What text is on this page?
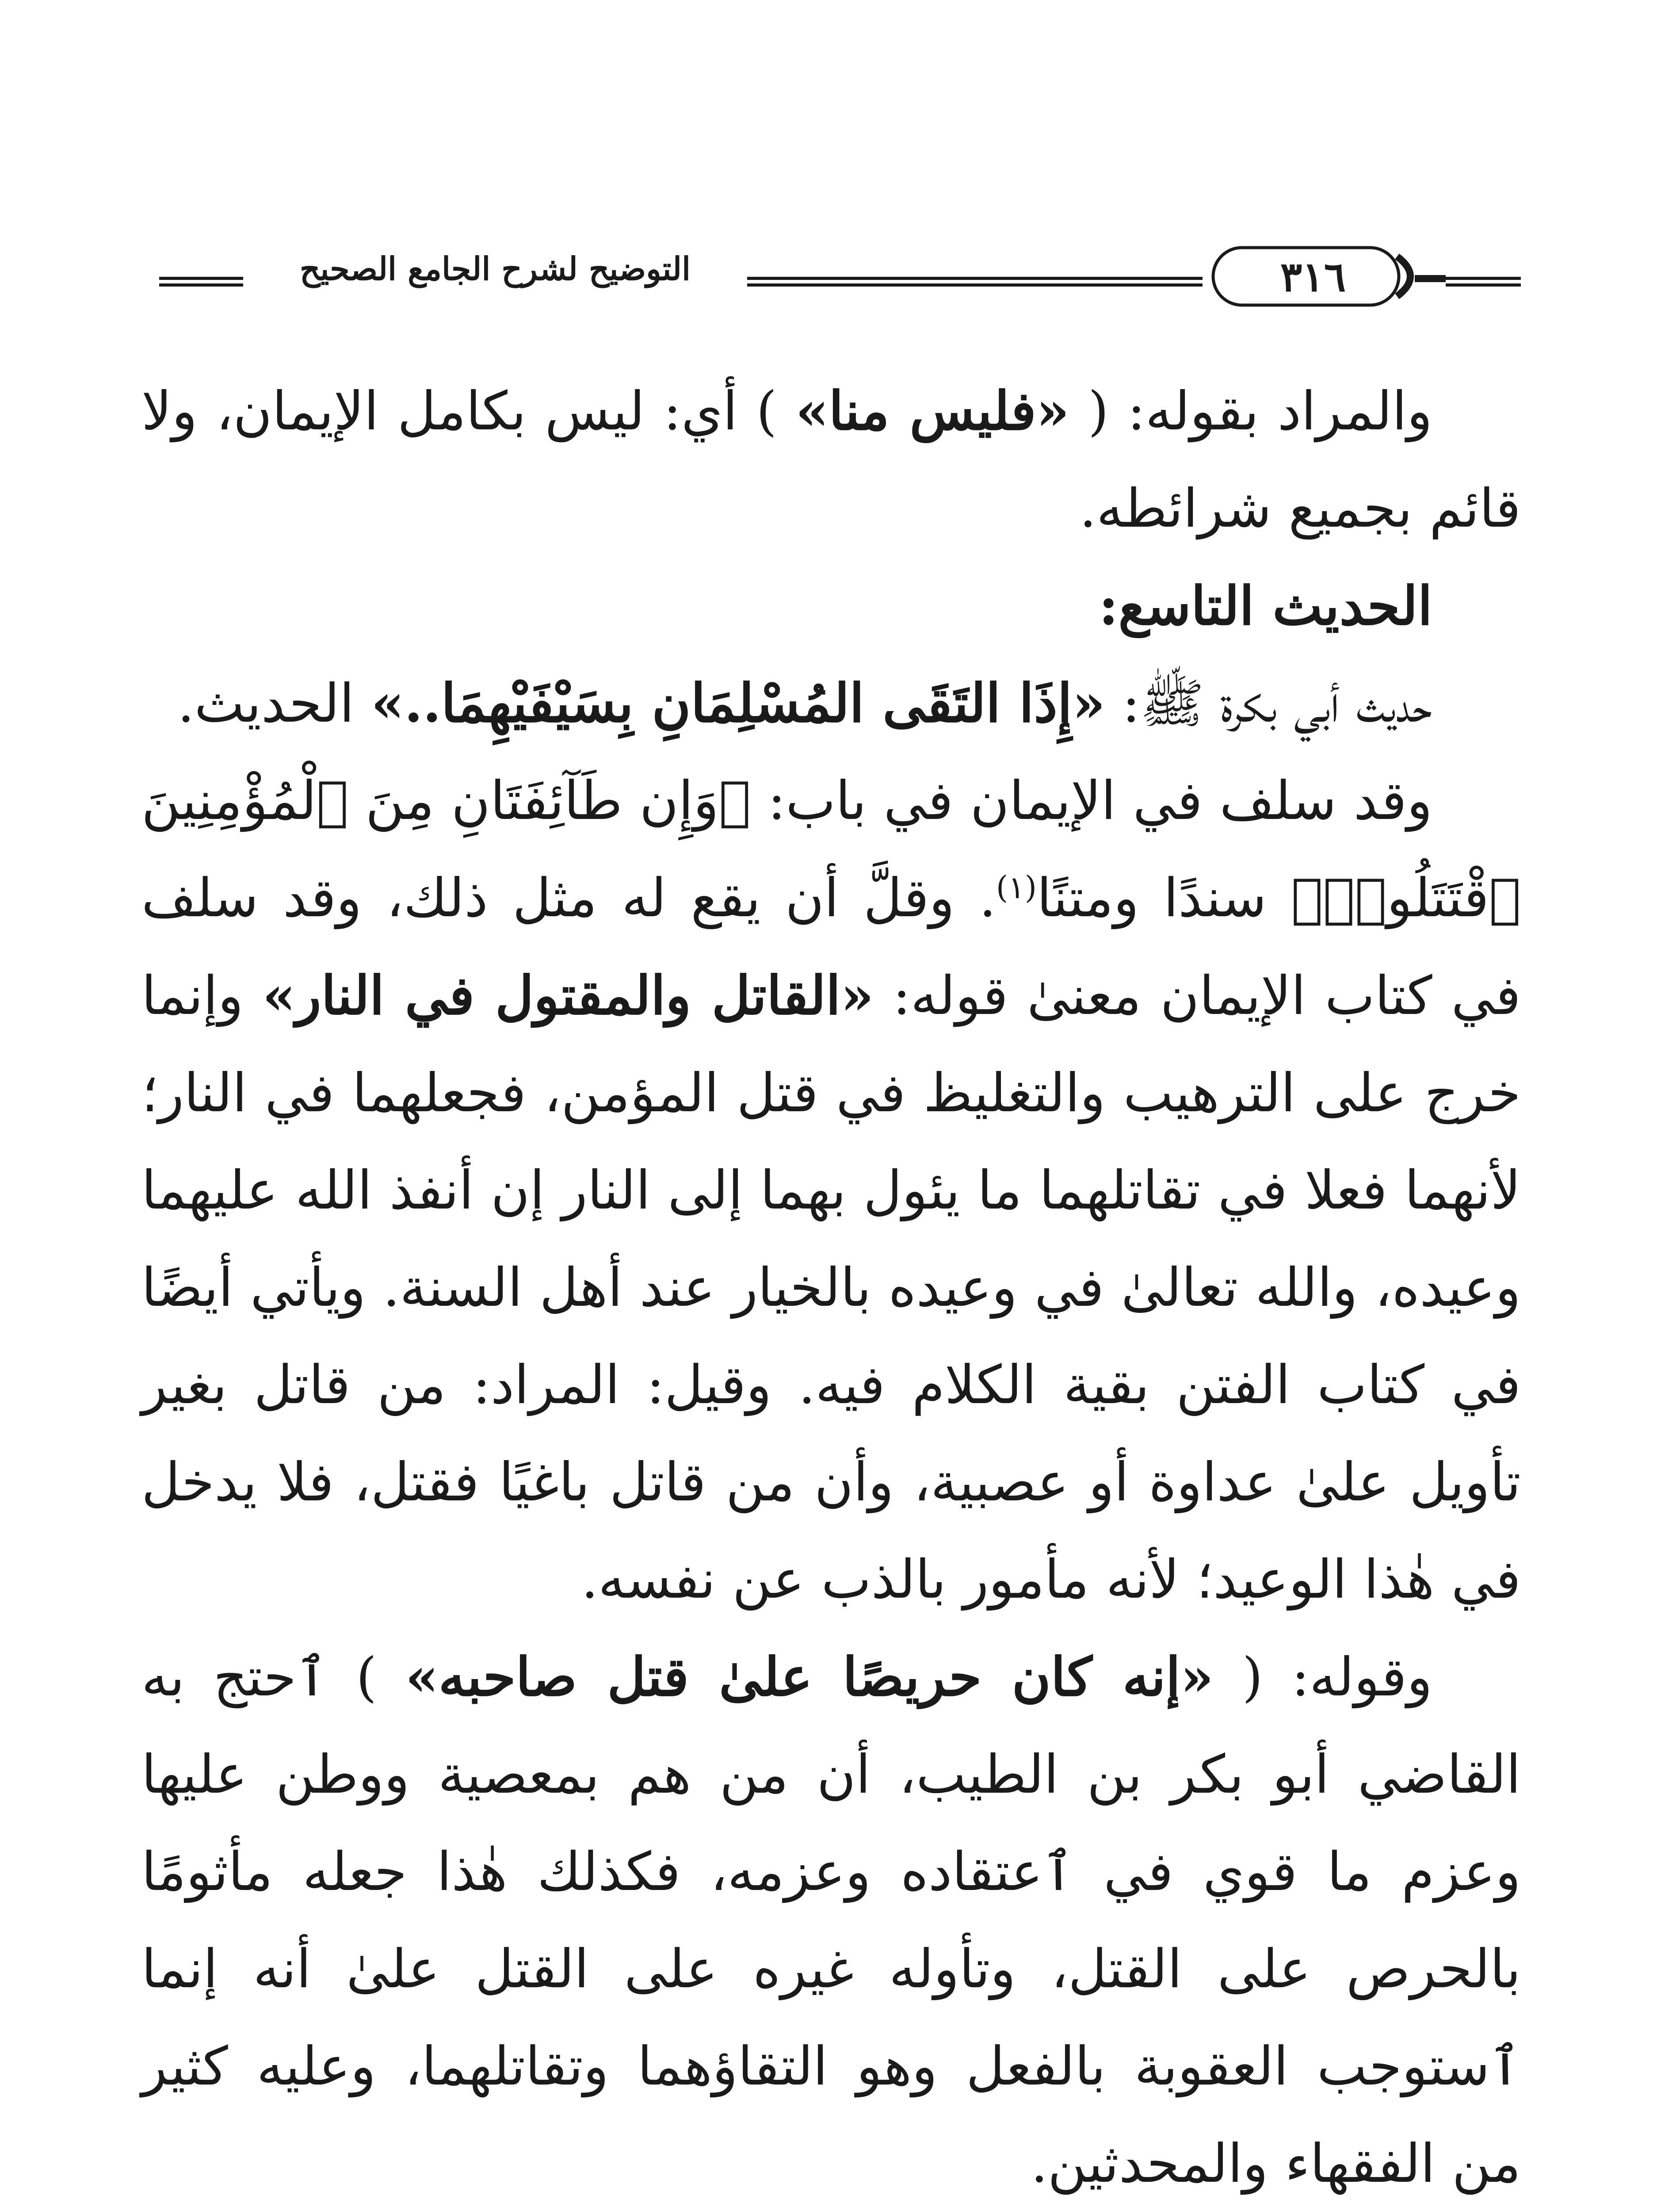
التوضيح لشرح الجامع الصحيح	٣١٦

والمراد بقوله: ( «فليس منا» ) أي: ليس بكامل الإيمان، ولا قائم بجميع شرائطه.

الحديث التاسع:

حديث أبي بكرة ﷺ: «إِذَا التَقَى المُسْلِمَانِ بِسَيْفَيْهِمَا..» الحديث.

وقد سلف في الإيمان في باب: ﴿وَإِن طَآئِفَتَانِ مِنَ ٱلْمُؤْمِنِينَ ٱقْتَتَلُوا۟﴾ سندًا ومتنًا$^{(١)}$. وقلَّ أن يقع له مثل ذلك، وقد سلف في كتاب الإيمان معنىٰ قوله: «القاتل والمقتول في النار» وإنما خرج على الترهيب والتغليظ في قتل المؤمن، فجعلهما في النار؛ لأنهما فعلا في تقاتلهما ما يئول بهما إلى النار إن أنفذ الله عليهما وعيده، والله تعالىٰ في وعيده بالخيار عند أهل السنة. ويأتي أيضًا في كتاب الفتن بقية الكلام فيه. وقيل: المراد: من قاتل بغير تأويل علىٰ عداوة أو عصبية، وأن من قاتل باغيًا فقتل، فلا يدخل في هٰذا الوعيد؛ لأنه مأمور بالذب عن نفسه.

وقوله: ( «إنه كان حريصًا علىٰ قتل صاحبه» ) ٱحتج به القاضي أبو بكر بن الطيب، أن من هم بمعصية ووطن عليها وعزم ما قوي في ٱعتقاده وعزمه، فكذلك هٰذا جعله مأثومًا بالحرص على القتل، وتأوله غيره على القتل علىٰ أنه إنما ٱستوجب العقوبة بالفعل وهو التقاؤهما وتقاتلهما، وعليه كثير من الفقهاء والمحدثين.
